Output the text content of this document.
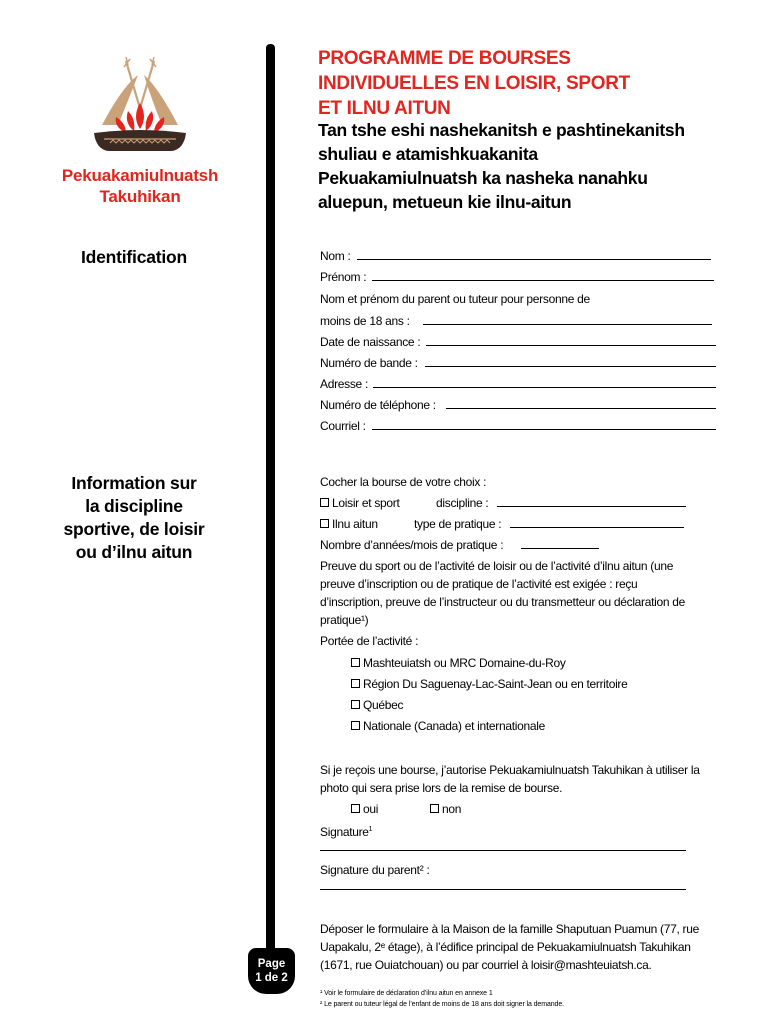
Pekuakamiulnuatsh
Takuhikan
PROGRAMME DE BOURSES
INDIVIDUELLES EN LOISIR, SPORT
ET ILNU AITUN
Tan tshe eshi nashekanitsh e pashtinekanitsh
shuliau e atamishkuakanita
Pekuakamiulnuatsh ka nasheka nanahku
aluepun, metueun kie ilnu-aitun
Identification	Nom :
Prénom :
Nom et prénom du parent ou tuteur pour personne de
moins de 18 ans :
Date de naissance :
Numéro de bande :
Adresse :
Numéro de téléphone :
Courriel :
Information sur
la discipline
sportive, de loisir
ou d’ilnu aitun
Cocher la bourse de votre choix :
Loisir et sport	discipline :
Ilnu aitun	type de pratique :
Nombre d’années/mois de pratique :
Preuve du sport ou de l’activité de loisir ou de l’activité d’ilnu aitun (une
preuve d’inscription ou de pratique de l’activité est exigée : reçu
d’inscription, preuve de l’instructeur ou du transmetteur ou déclaration de
pratique¹)
Portée de l’activité :
Mashteuiatsh ou MRC Domaine-du-Roy
Région Du Saguenay-Lac-Saint-Jean ou en territoire
Québec
Nationale (Canada) et internationale
Si je reçois une bourse, j’autorise Pekuakamiulnuatsh Takuhikan à utiliser la
photo qui sera prise lors de la remise de bourse.
oui	non
Signature$^1$
Signature du parent² :
Déposer le formulaire à la Maison de la famille Shaputuan Puamun (77, rue
Uapakalu, 2ᵉ étage), à l’édifice principal de Pekuakamiulnuatsh Takuhikan
(1671, rue Ouiatchouan) ou par courriel à loisir@mashteuiatsh.ca.
¹ Voir le formulaire de déclaration d’ilnu aitun en annexe 1
² Le parent ou tuteur légal de l’enfant de moins de 18 ans doit signer la demande.
Page
1 de 2
